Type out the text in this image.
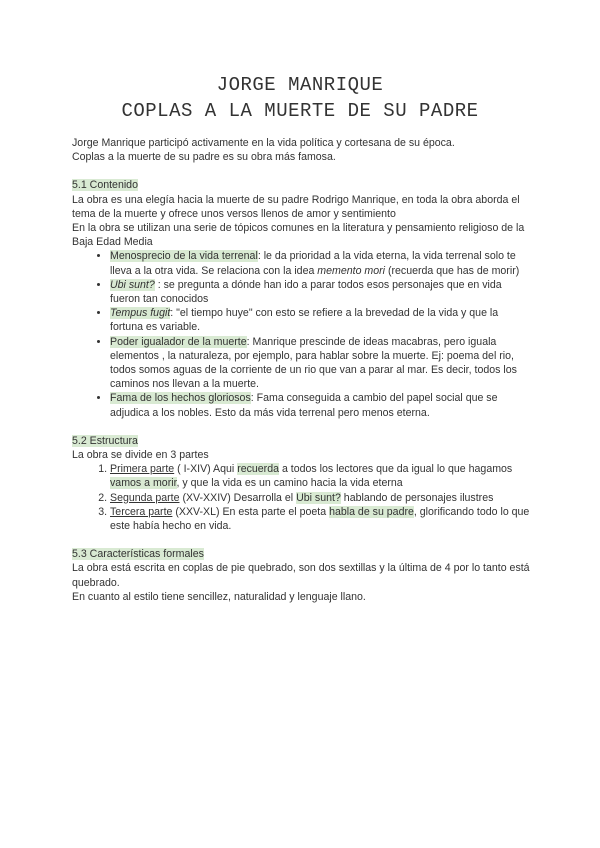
JORGE MANRIQUE
COPLAS A LA MUERTE DE SU PADRE

Jorge Manrique participó activamente en la vida política y cortesana de su época.

Coplas a la muerte de su padre es su obra más famosa.

5.1 Contenido

La obra es una elegía hacia la muerte de su padre Rodrigo Manrique, en toda la obra aborda el tema de la muerte y ofrece unos versos llenos de amor y sentimiento

En la obra se utilizan una serie de tópicos comunes en la literatura y pensamiento religioso de la Baja Edad Media

• Menosprecio de la vida terrenal: le da prioridad a la vida eterna, la vida terrenal solo te lleva a la otra vida. Se relaciona con la idea memento mori (recuerda que has de morir)
• Ubi sunt? : se pregunta a dónde han ido a parar todos esos personajes que en vida fueron tan conocidos
• Tempus fugit: "el tiempo huye" con esto se refiere a la brevedad de la vida y que la fortuna es variable.
• Poder igualador de la muerte: Manrique prescinde de ideas macabras, pero iguala elementos , la naturaleza, por ejemplo, para hablar sobre la muerte. Ej: poema del rio, todos somos aguas de la corriente de un rio que van a parar al mar. Es decir, todos los caminos nos llevan a la muerte.
• Fama de los hechos gloriosos: Fama conseguida a cambio del papel social que se adjudica a los nobles. Esto da más vida terrenal pero menos eterna.

5.2 Estructura

La obra se divide en 3 partes

1. Primera parte ( I-XIV) Aqui recuerda a todos los lectores que da igual lo que hagamos vamos a morir, y que la vida es un camino hacia la vida eterna
2. Segunda parte (XV-XXIV) Desarrolla el Ubi sunt? hablando de personajes ilustres
3. Tercera parte (XXV-XL) En esta parte el poeta habla de su padre, glorificando todo lo que este había hecho en vida.

5.3 Características formales

La obra está escrita en coplas de pie quebrado, son dos sextillas y la última de 4 por lo tanto está quebrado.

En cuanto al estilo tiene sencillez, naturalidad y lenguaje llano.
